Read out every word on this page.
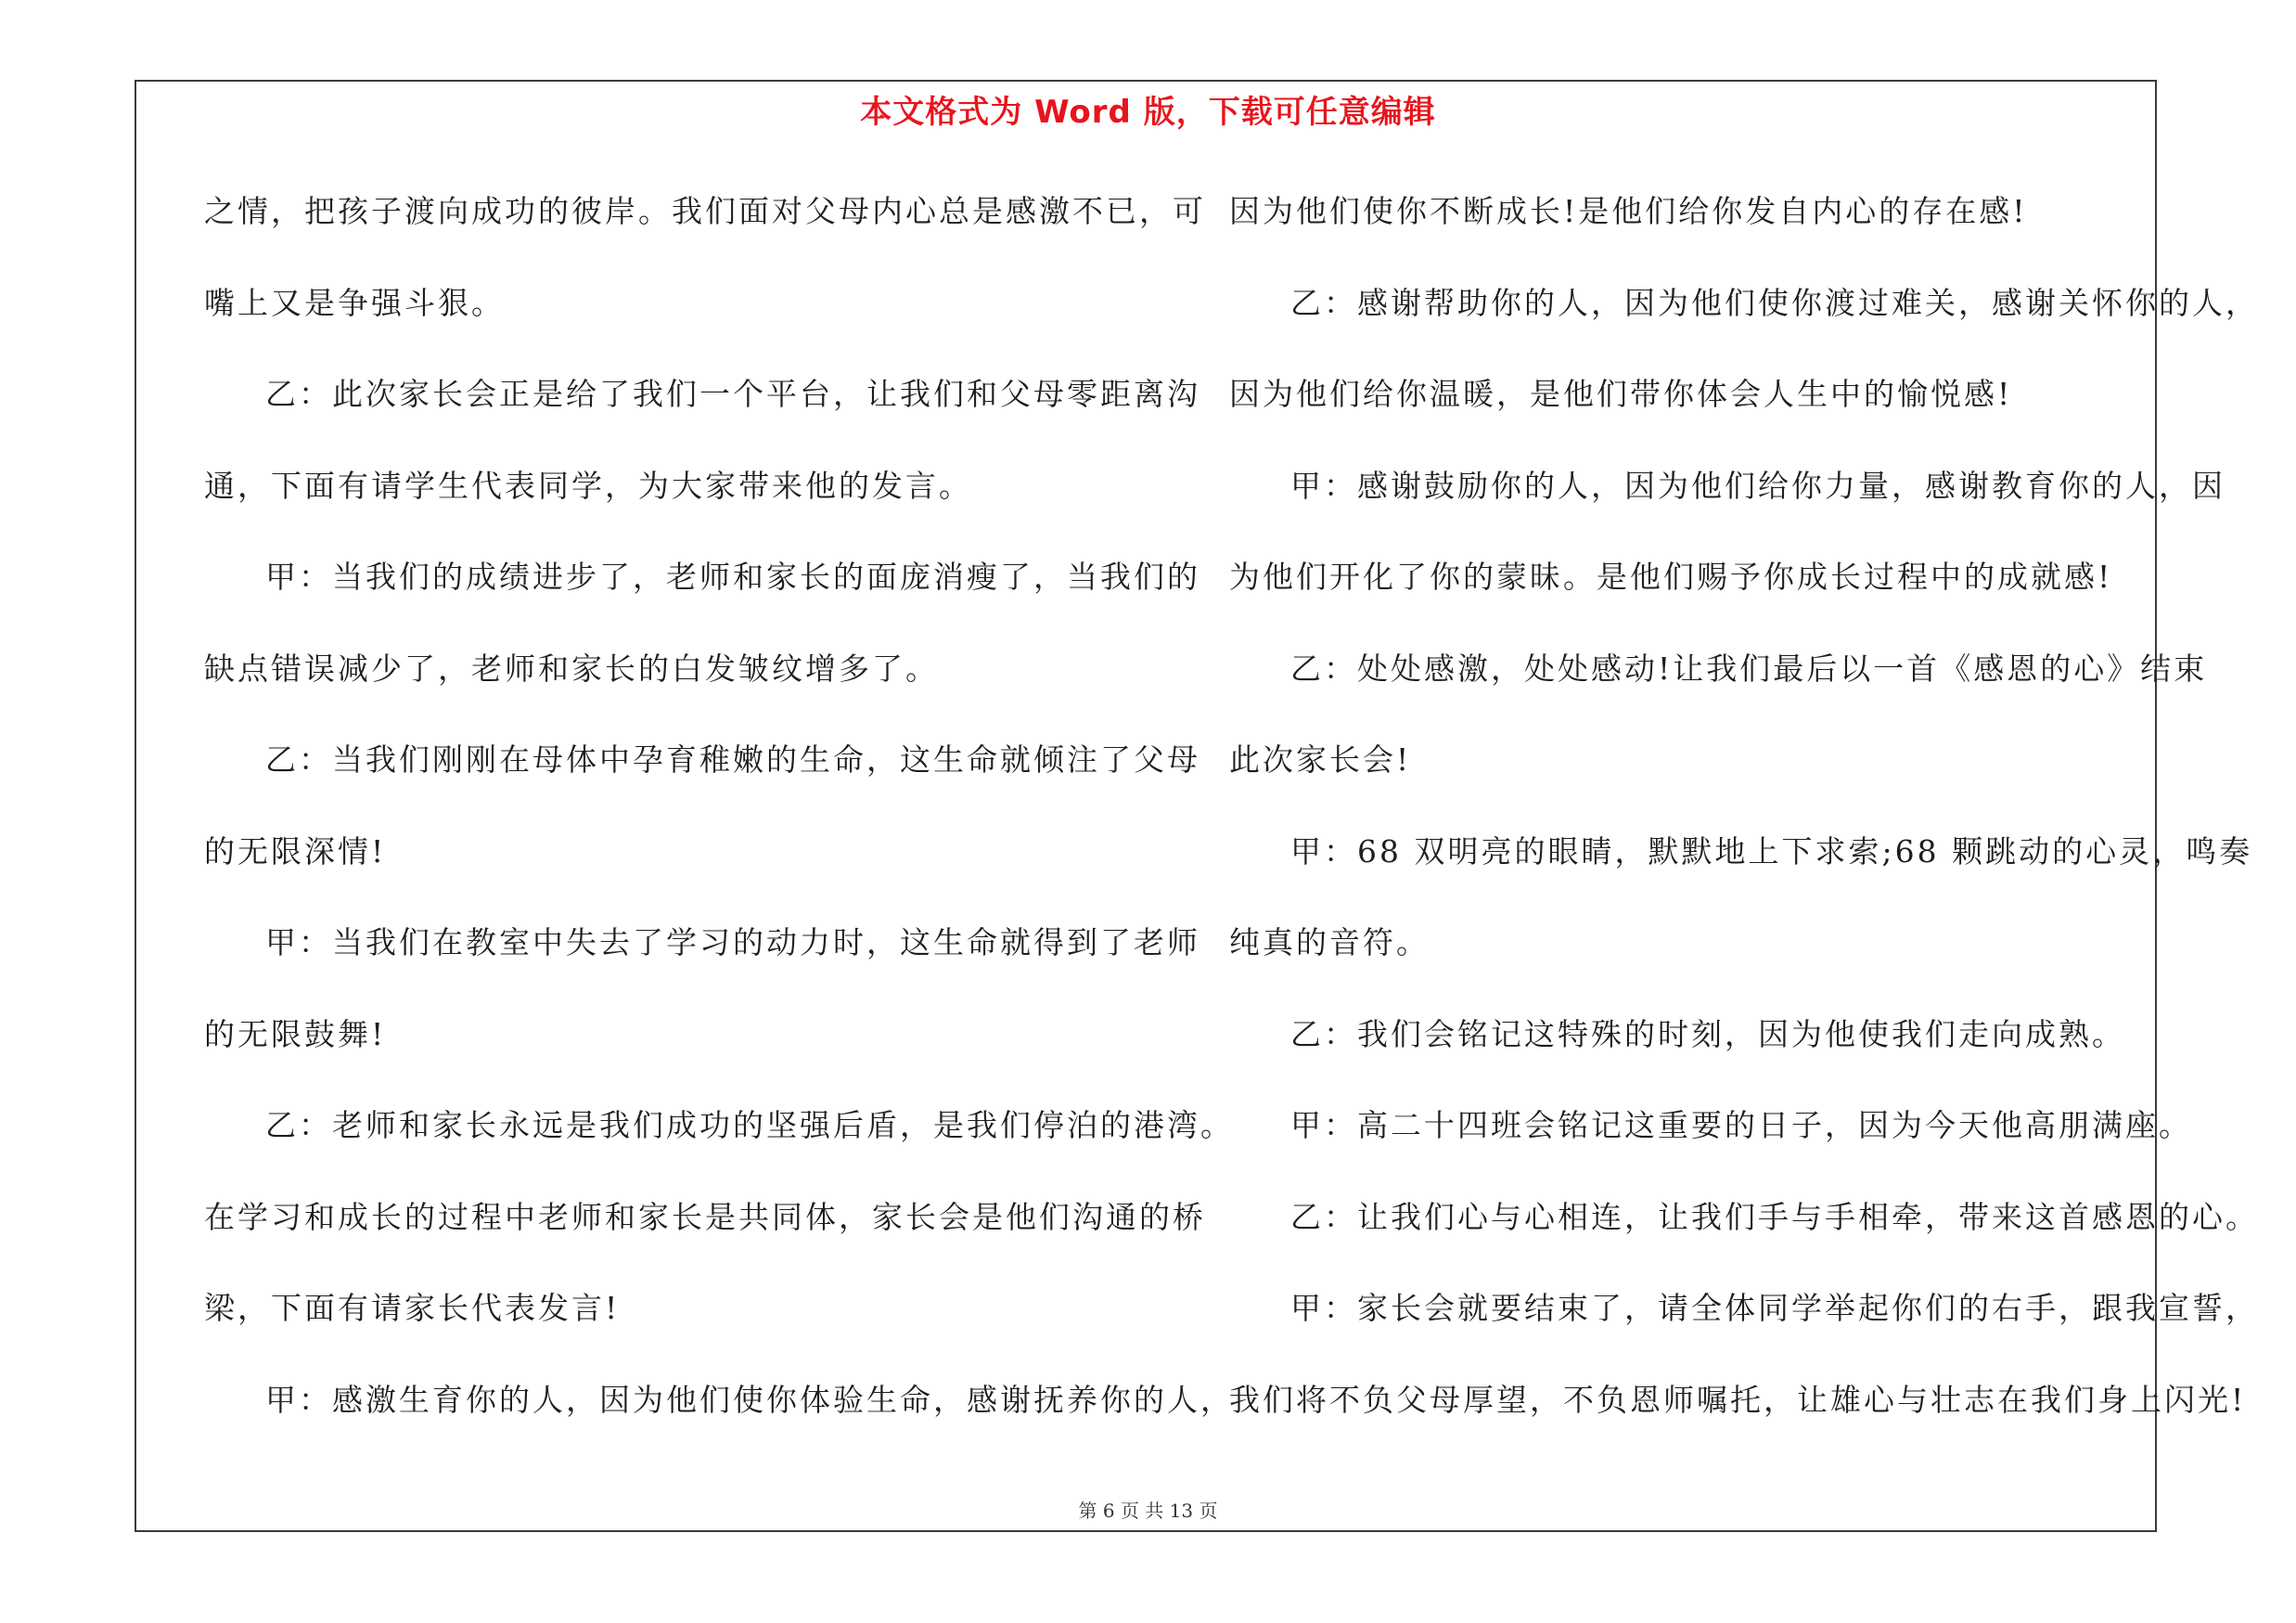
本文格式为 Word 版，下载可任意编辑
之情，把孩子渡向成功的彼岸。我们面对父母内心总是感激不已，可
嘴上又是争强斗狠。
乙：此次家长会正是给了我们一个平台，让我们和父母零距离沟
通，下面有请学生代表同学，为大家带来他的发言。
甲：当我们的成绩进步了，老师和家长的面庞消瘦了，当我们的
缺点错误减少了，老师和家长的白发皱纹增多了。
乙：当我们刚刚在母体中孕育稚嫩的生命，这生命就倾注了父母
的无限深情!
甲：当我们在教室中失去了学习的动力时，这生命就得到了老师
的无限鼓舞!
乙：老师和家长永远是我们成功的坚强后盾，是我们停泊的港湾。
在学习和成长的过程中老师和家长是共同体，家长会是他们沟通的桥
梁，下面有请家长代表发言!
甲：感激生育你的人，因为他们使你体验生命，感谢抚养你的人，
因为他们使你不断成长!是他们给你发自内心的存在感!
乙：感谢帮助你的人，因为他们使你渡过难关，感谢关怀你的人，
因为他们给你温暖，是他们带你体会人生中的愉悦感!
甲：感谢鼓励你的人，因为他们给你力量，感谢教育你的人，因
为他们开化了你的蒙昧。是他们赐予你成长过程中的成就感!
乙：处处感激，处处感动!让我们最后以一首《感恩的心》结束
此次家长会!
甲：68 双明亮的眼睛，默默地上下求索;68 颗跳动的心灵，鸣奏
纯真的音符。
乙：我们会铭记这特殊的时刻，因为他使我们走向成熟。
甲：高二十四班会铭记这重要的日子，因为今天他高朋满座。
乙：让我们心与心相连，让我们手与手相牵，带来这首感恩的心。
甲：家长会就要结束了，请全体同学举起你们的右手，跟我宣誓，
我们将不负父母厚望，不负恩师嘱托，让雄心与壮志在我们身上闪光!
第 6 页 共 13 页
